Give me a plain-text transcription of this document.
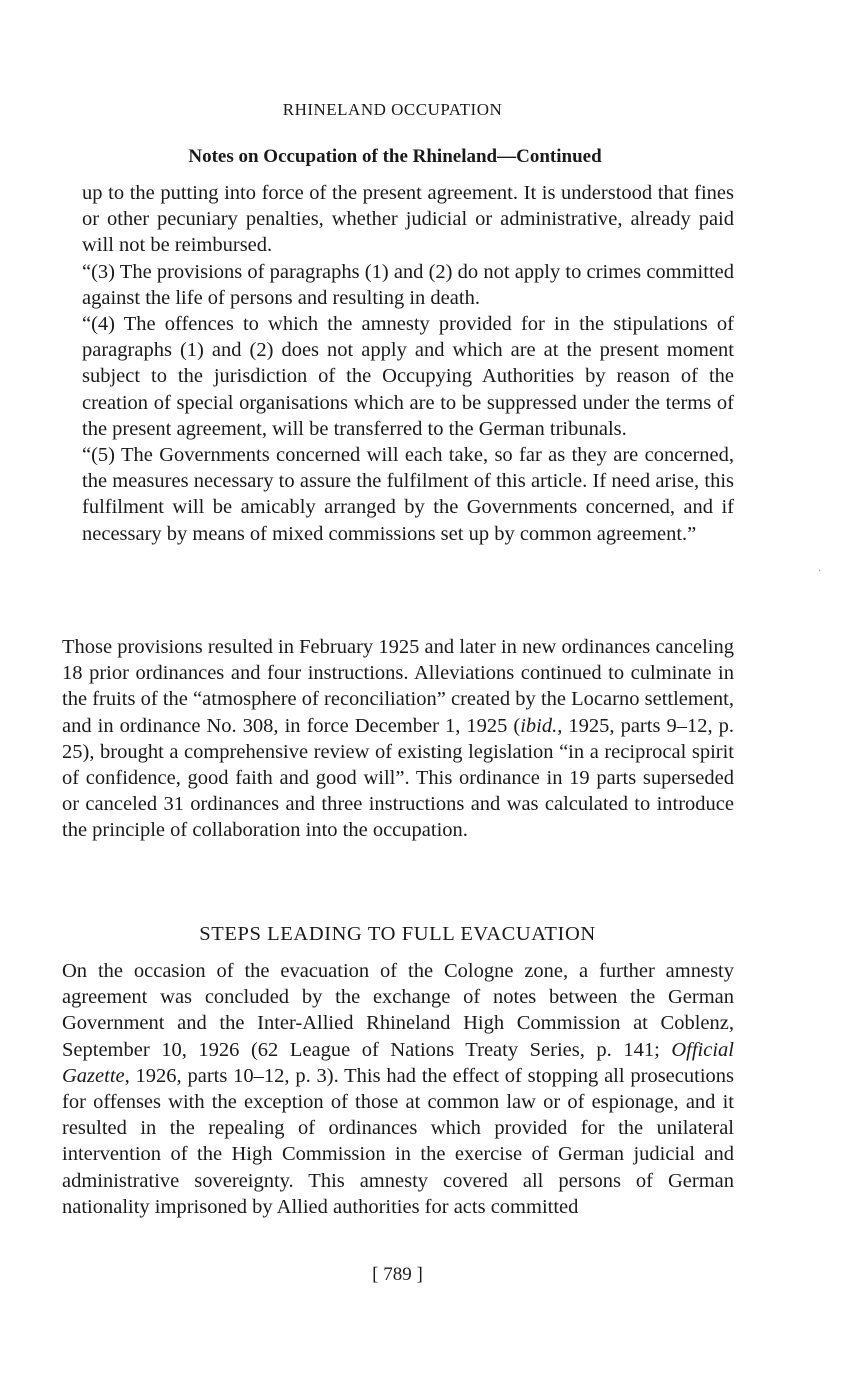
RHINELAND OCCUPATION
Notes on Occupation of the Rhineland—Continued

up to the putting into force of the present agreement. It is understood that fines or other pecuniary penalties, whether judicial or administrative, already paid will not be reimbursed.

“(3) The provisions of paragraphs (1) and (2) do not apply to crimes committed against the life of persons and resulting in death.

“(4) The offences to which the amnesty provided for in the stipulations of paragraphs (1) and (2) does not apply and which are at the present moment subject to the jurisdiction of the Occupying Authorities by reason of the creation of special organisations which are to be suppressed under the terms of the present agreement, will be transferred to the German tribunals.

“(5) The Governments concerned will each take, so far as they are concerned, the measures necessary to assure the fulfilment of this article. If need arise, this fulfilment will be amicably arranged by the Governments concerned, and if necessary by means of mixed commissions set up by common agreement.”

Those provisions resulted in February 1925 and later in new ordinances canceling 18 prior ordinances and four instructions. Alleviations continued to culminate in the fruits of the “atmosphere of reconciliation” created by the Locarno settlement, and in ordinance No. 308, in force December 1, 1925 (ibid., 1925, parts 9–12, p. 25), brought a comprehensive review of existing legislation “in a reciprocal spirit of confidence, good faith and good will”. This ordinance in 19 parts superseded or canceled 31 ordinances and three instructions and was calculated to introduce the principle of collaboration into the occupation.

STEPS LEADING TO FULL EVACUATION

On the occasion of the evacuation of the Cologne zone, a further amnesty agreement was concluded by the exchange of notes between the German Government and the Inter-Allied Rhineland High Commission at Coblenz, September 10, 1926 (62 League of Nations Treaty Series, p. 141; Official Gazette, 1926, parts 10–12, p. 3). This had the effect of stopping all prosecutions for offenses with the exception of those at common law or of espionage, and it resulted in the repealing of ordinances which provided for the unilateral intervention of the High Commission in the exercise of German judicial and administrative sovereignty. This amnesty covered all persons of German nationality imprisoned by Allied authorities for acts committed

[ 789 ]
·
